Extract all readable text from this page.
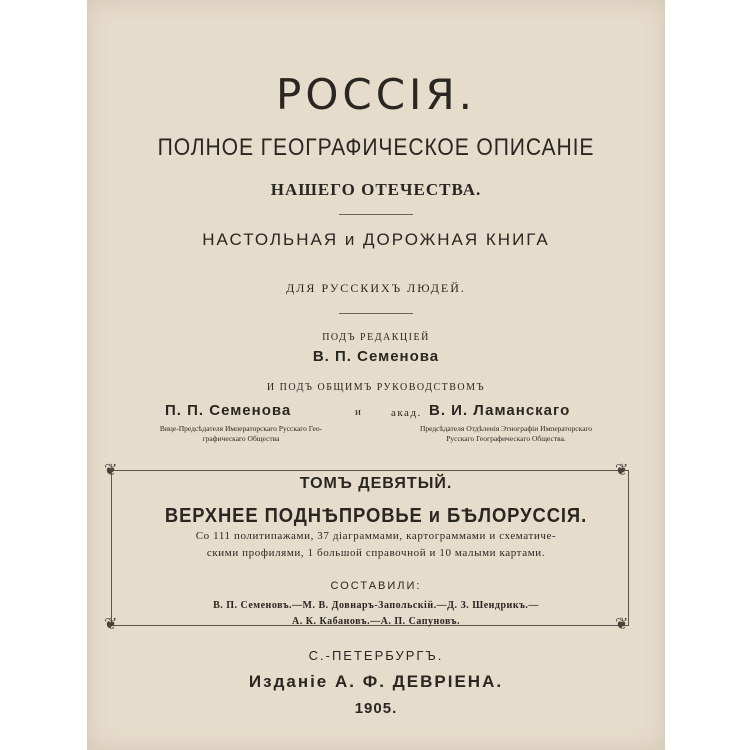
РОССІЯ.
ПОЛНОЕ ГЕОГРАФИЧЕСКОЕ ОПИСАНІЕ
НАШЕГО ОТЕЧЕСТВА.
НАСТОЛЬНАЯ и ДОРОЖНАЯ КНИГА
ДЛЯ РУССКИХЪ ЛЮДЕЙ.
ПОДЪ РЕДАКЦІЕЙ
В. П. Семенова
И ПОДЪ ОБЩИМЪ РУКОВОДСТВОМЪ
П. П. Семенова	и	акад. В. И. Ламанскаго
Вице-Предсѣдателя Императорскаго Русскаго Гео-
графическаго Общества
Предсѣдателя Отдѣленія Этнографіи Императорскаго
Русскаго Географическаго Общества.
❦	❦
❦	❦
ТОМЪ ДЕВЯТЫЙ.
ВЕРХНЕЕ ПОДНѢПРОВЬЕ и БѢЛОРУССІЯ.
Со 111 политипажами, 37 діаграммами, картограммами и схематиче-
скими профилями, 1 большой справочной и 10 малыми картами.
СОСТАВИЛИ:
В. П. Семеновъ.—М. В. Довнаръ-Запольскій.—Д. З. Шендрикъ.—
А. К. Кабановъ.—А. П. Сапуновъ.
С.-ПЕТЕРБУРГЪ.
Изданіе А. Ф. ДЕВРІЕНА.
1905.
